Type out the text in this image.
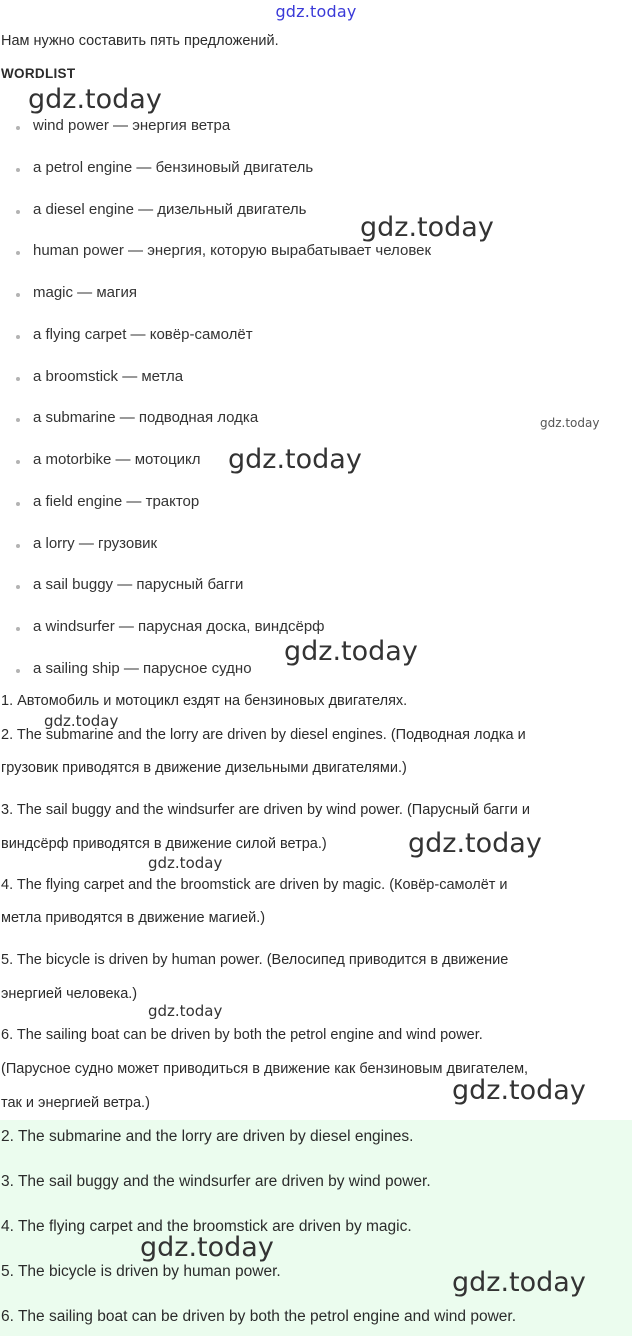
gdz.today
Нам нужно составить пять предложений.
WORDLIST
wind power — энергия ветра
a petrol engine — бензиновый двигатель
a diesel engine — дизельный двигатель
human power — энергия, которую вырабатывает человек
magic — магия
a flying carpet — ковёр-самолёт
a broomstick — метла
a submarine — подводная лодка
a motorbike — мотоцикл
a field engine — трактор
a lorry — грузовик
a sail buggy — парусный багги
a windsurfer — парусная доска, виндсёрф
a sailing ship — парусное судно
1. Автомобиль и мотоцикл ездят на бензиновых двигателях.
2. The submarine and the lorry are driven by diesel engines. (Подводная лодка и
грузовик приводятся в движение дизельными двигателями.)
3. The sail buggy and the windsurfer are driven by wind power. (Парусный багги и
виндсёрф приводятся в движение силой ветра.)
4. The flying carpet and the broomstick are driven by magic. (Ковёр-самолёт и
метла приводятся в движение магией.)
5. The bicycle is driven by human power. (Велосипед приводится в движение
энергией человека.)
6. The sailing boat can be driven by both the petrol engine and wind power.
(Парусное судно может приводиться в движение как бензиновым двигателем,
так и энергией ветра.)
2. The submarine and the lorry are driven by diesel engines.
3. The sail buggy and the windsurfer are driven by wind power.
4. The flying carpet and the broomstick are driven by magic.
5. The bicycle is driven by human power.
6. The sailing boat can be driven by both the petrol engine and wind power.
gdz.today
gdz.today
gdz.today
gdz.today
gdz.today
gdz.today
gdz.today
gdz.today
gdz.today
gdz.today
gdz.today
gdz.today
